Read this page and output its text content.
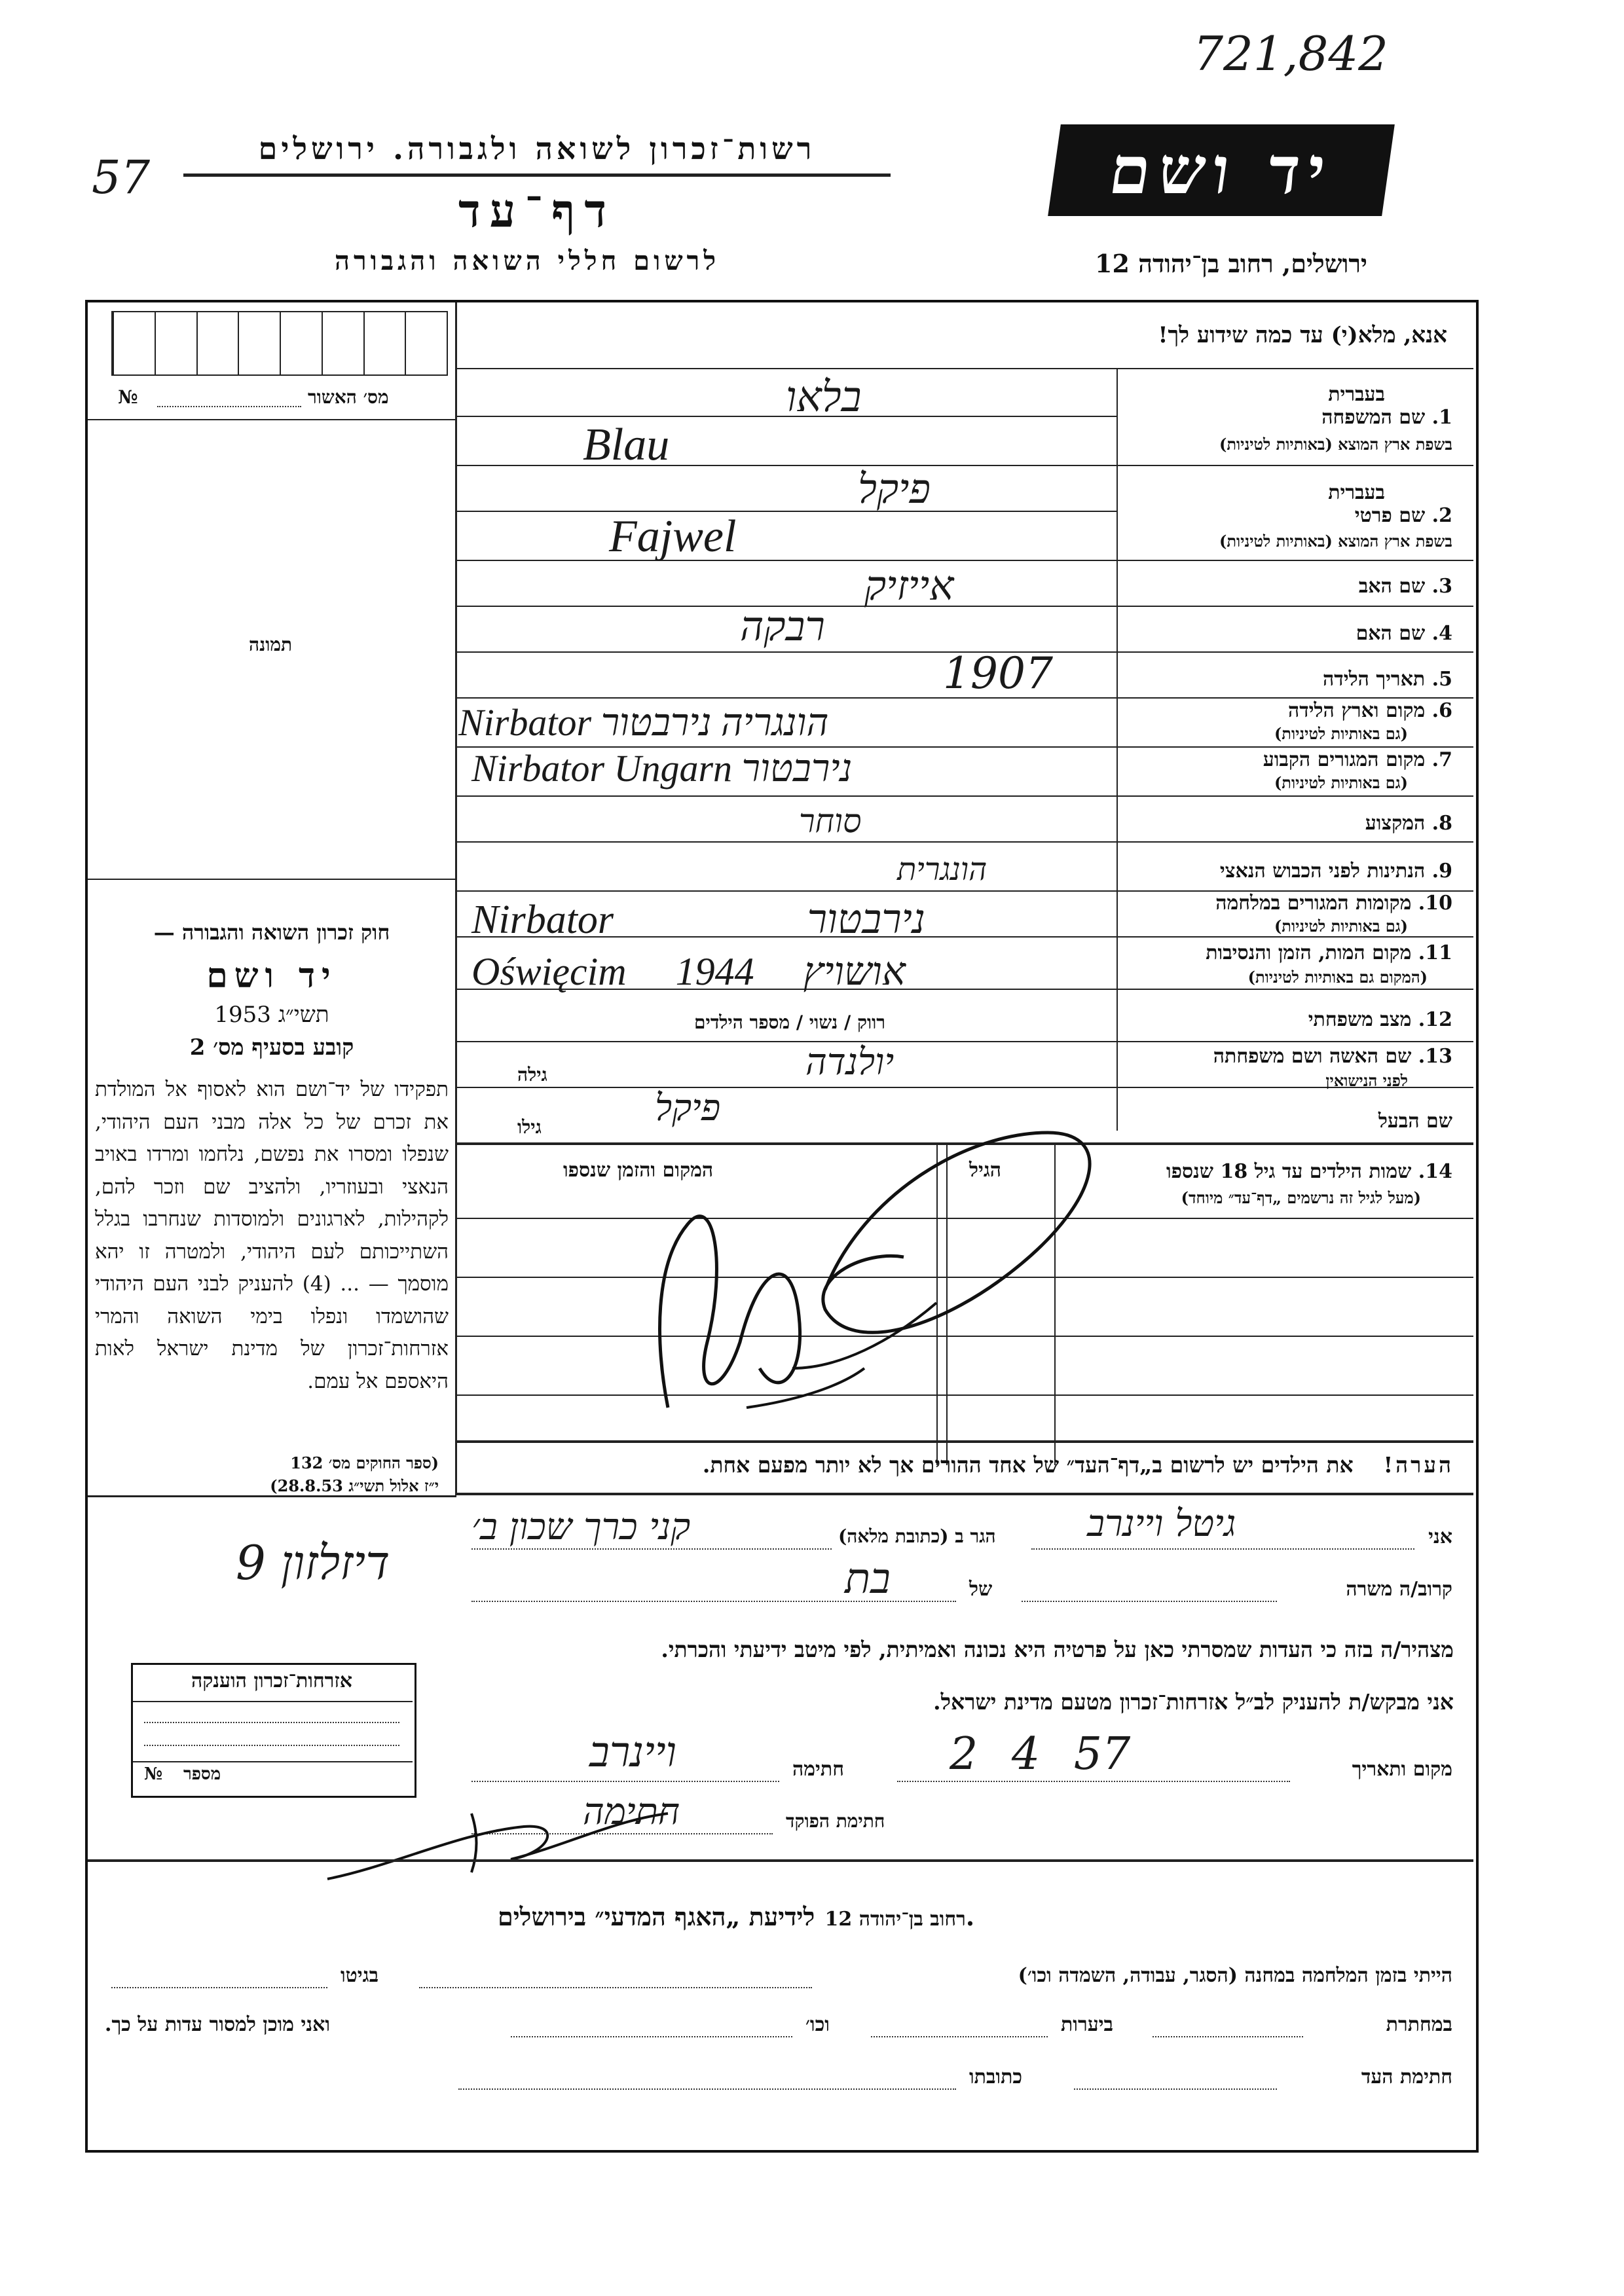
721,842
57
רשות־זכרון לשואה ולגבורה. ירושלים
דף־עד
לרשום חללי השואה והגבורה
יד ושם
ירושלים, רחוב בן־יהודה 12
מס׳ האשור
№
תמונה
חוק זכרון השואה והגבורה —
יד ושם
תשי״ג 1953
קובע בסעיף מס׳ 2
תפקידו של יד־ושם הוא לאסוף אל המולדת את זכרם של כל אלה מבני העם היהודי, שנפלו ומסרו את נפשם, נלחמו ומרדו באויב הנאצי ובעוזריו, ולהציב שם וזכר להם, לקהילות, לארגונים ולמוסדות שנחרבו בגלל השתייכותם לעם היהודי, ולמטרה זו יהא מוסמך — ... (4) להעניק לבני העם היהודי שהושמדו ונפלו בימי השואה והמרי אזרחות־זכרון של מדינת ישראל לאות היאספם אל עמם.
(ספר החוקים מס׳ 132
י״ז אלול תשי״ג 28.8.53)
אנא, מלא(י) עד כמה שידוע לך!
בעברית
1. שם המשפחה
בשפת ארץ המוצא (באותיות לטיניות)
בעברית
2. שם פרטי
בשפת ארץ המוצא (באותיות לטיניות)
3. שם האב
4. שם האם
5. תאריך הלידה
6. מקום וארץ הלידה
(גם באותיות לטיניות)
7. מקום המגורים הקבוע
(גם באותיות לטיניות)
8. המקצוע
9. הנתינות לפני הכבוש הנאצי
10. מקומות המגורים במלחמה
(גם באותיות לטיניות)
11. מקום המות, הזמן והנסיבות
(המקום גם באותיות לטיניות)
12. מצב משפחתי
13. שם האשה ושם משפחתה
לפני הנישואין
שם הבעל
בלאו
Blau
פיקל
Fajwel
אייזיק
רבקה
1907
Nirbator הונגריה נירבטור
Nirbator Ungarn נירבטור
סוחר
הונגרית
Nirbator נירבטור
Oświęcim אושויץ 1944
רווק / נשוי / מספר הילדים
יולנדה
גילה
פיקל
גילו
14. שמות הילדים עד גיל 18 שנספו
(מעל לגיל זה נרשמים „דף־עד״ מיוחד)
הגיל
המקום והזמן שנספו
הערה!    את הילדים יש לרשום ב„דף־העד״ של אחד ההורים אך לא יותר מפעם אחת.
אני
גיטל ויינרב
הגר ב (כתובת מלאה)
קני כרך שכון ב׳
דיזלזון 9	קרוב/ה משרה
של
בת
מצהיר/ה בזה כי העדות שמסרתי כאן על פרטיה היא נכונה ואמיתית, לפי מיטב ידיעתי והכרתי.
אני מבקש/ת להעניק לב״ל אזרחות־זכרון מטעם מדינת ישראל.
מקום ותאריך
2 4 57
חתימה
ויינרב
חתימת הפוקד
חתימה
אזרחות־זכרון הוענקה
מספר
№
רחוב בן־יהודה 12   לידיעת „האגף המדעי״ בירושלים.
הייתי בזמן המלחמה במחנה (הסגר, עבודה, השמדה וכו׳)
בגיטו
במחתרת
ביערות
וכו׳
ואני מוכן למסור עדות על כך.
חתימת העד
כתובתו
